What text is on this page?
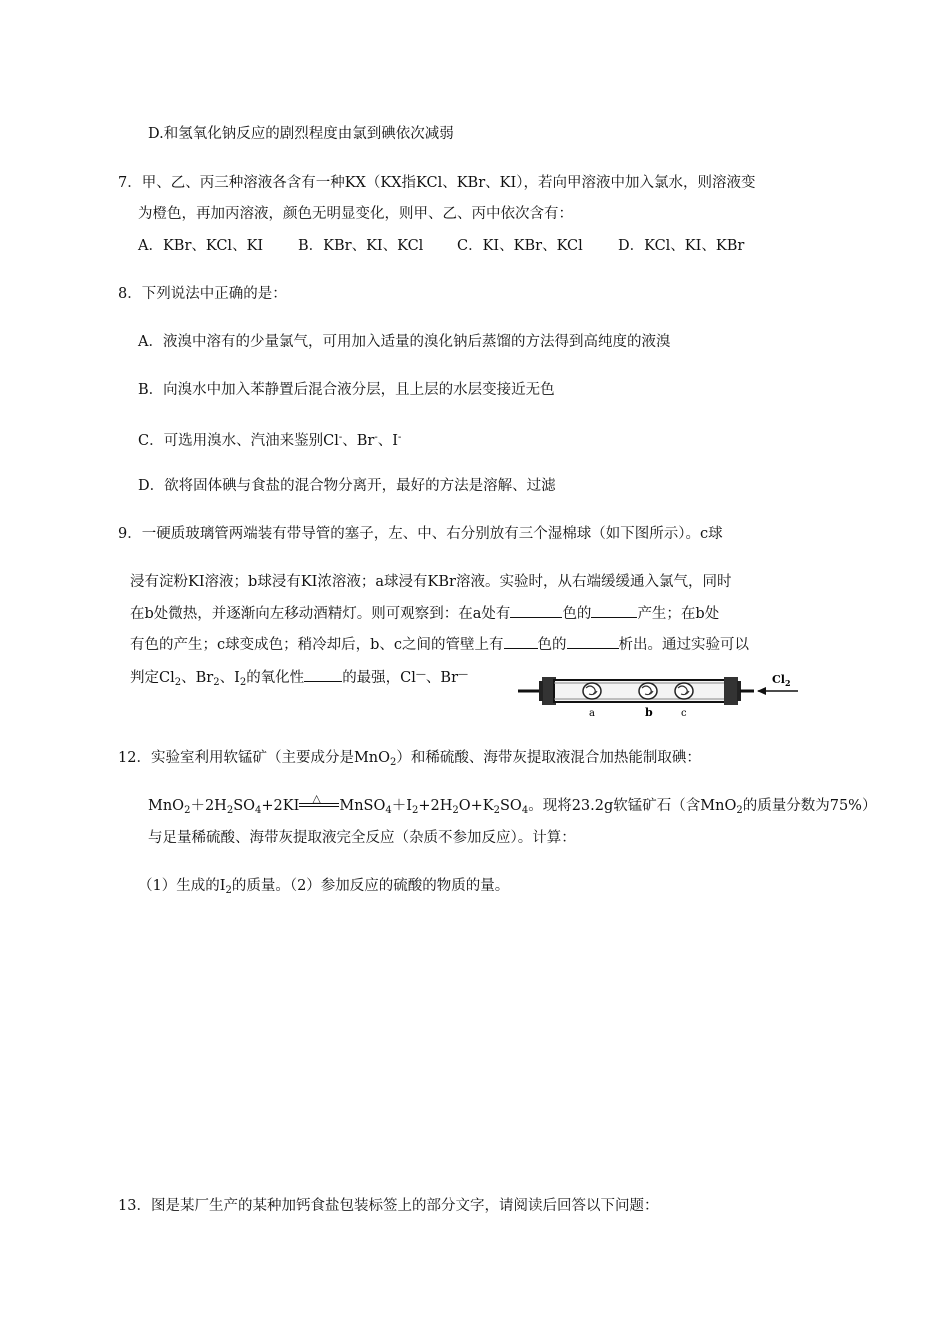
D.和氢氧化钠反应的剧烈程度由氯到碘依次减弱
7．甲、乙、丙三种溶液各含有一种KX（KX指KCl、KBr、KI），若向甲溶液中加入氯水，则溶液变
为橙色，再加丙溶液，颜色无明显变化，则甲、乙、丙中依次含有：
A．KBr、KCl、KI B．KBr、KI、KCl C．KI、KBr、KCl D．KCl、KI、KBr
8．下列说法中正确的是：
A．液溴中溶有的少量氯气，可用加入适量的溴化钠后蒸馏的方法得到高纯度的液溴
B．向溴水中加入苯静置后混合液分层，且上层的水层变接近无色
C．可选用溴水、汽油来鉴别Cl-、Br-、I-
D．欲将固体碘与食盐的混合物分离开，最好的方法是溶解、过滤
9．一硬质玻璃管两端装有带导管的塞子，左、中、右分别放有三个湿棉球（如下图所示）。c球
浸有淀粉KI溶液；b球浸有KI浓溶液；a球浸有KBr溶液。实验时，从右端缓缓通入氯气，同时
在b处微热，并逐渐向左移动酒精灯。则可观察到：在a处有	色的	产生；在b处
有色的产生；c球变成色；稍冷却后，b、c之间的管壁上有 色的	析出。通过实验可以
判定$Cl_2$、$Br_2$、$I_2$的氧化性	的最强，Cl—、Br—	$Cl_2$
a	b	c
12．实验室利用软锰矿（主要成分是MnO$_2$）和稀硫酸、海带灰提取液混合加热能制取碘：
$MnO_2+2H_2SO_4+2KI$ △ $MnSO_4+I_2+2H_2O+K_2SO_4$。现将23.2g软锰矿石（含MnO$_2$的质量分数为75%）
与足量稀硫酸、海带灰提取液完全反应（杂质不参加反应）。计算：
（1）生成的$I_2$的质量。（2）参加反应的硫酸的物质的量。
13．图是某厂生产的某种加钙食盐包装标签上的部分文字，请阅读后回答以下问题：
